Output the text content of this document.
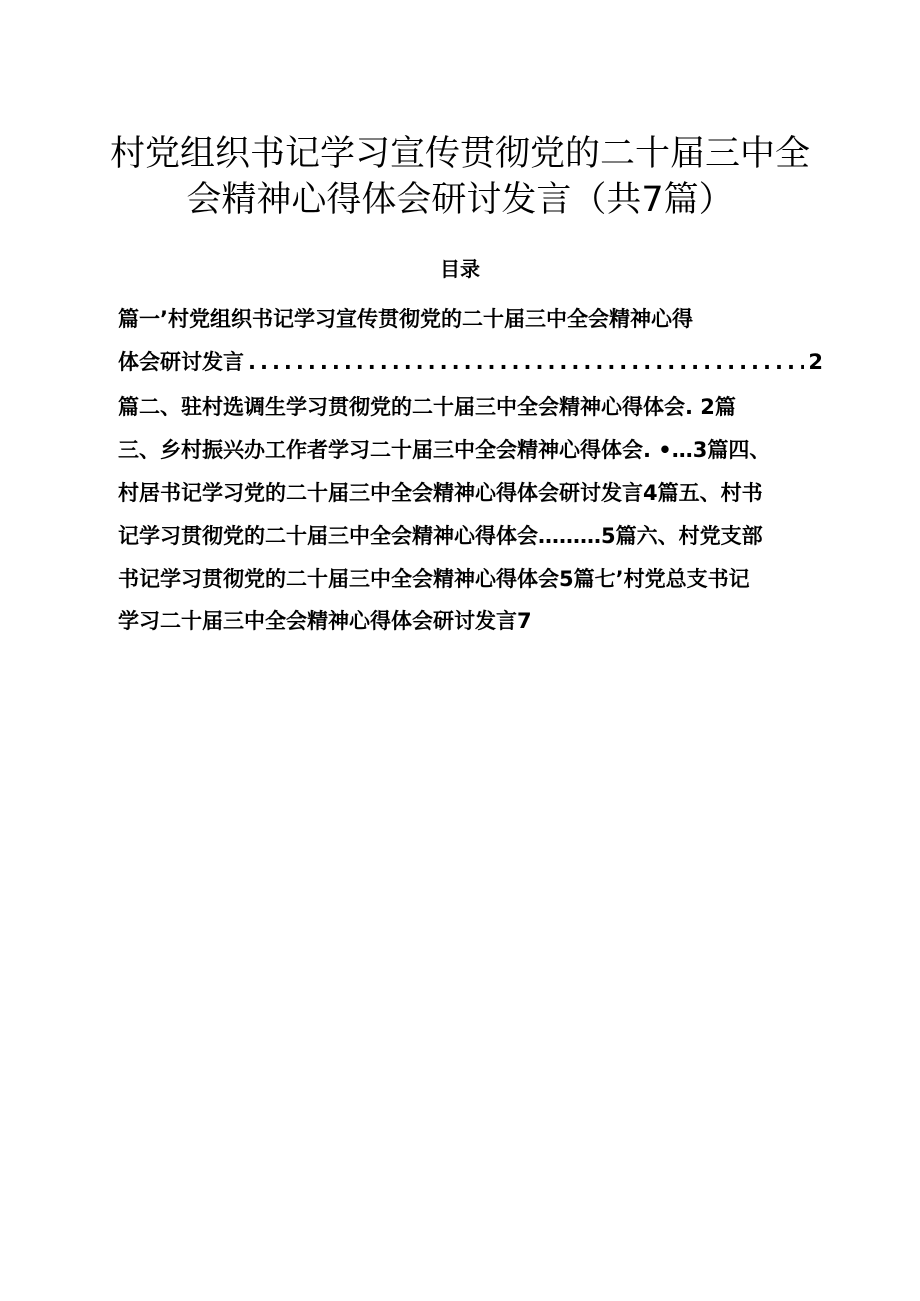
村党组织书记学习宣传贯彻党的二十届三中全
会精神心得体会研讨发言（共7篇）
目录
篇一’村党组织书记学习宣传贯彻党的二十届三中全会精神心得
体会研讨发言
.....	2
篇二、驻村选调生学习贯彻党的二十届三中全会精神心得体会. 2篇
三、乡村振兴办工作者学习二十届三中全会精神心得体会. •…3篇四、
村居书记学习党的二十届三中全会精神心得体会研讨发言4篇五、村书
记学习贯彻党的二十届三中全会精神心得体会………5篇六、村党支部
书记学习贯彻党的二十届三中全会精神心得体会5篇七’村党总支书记
学习二十届三中全会精神心得体会研讨发言7
